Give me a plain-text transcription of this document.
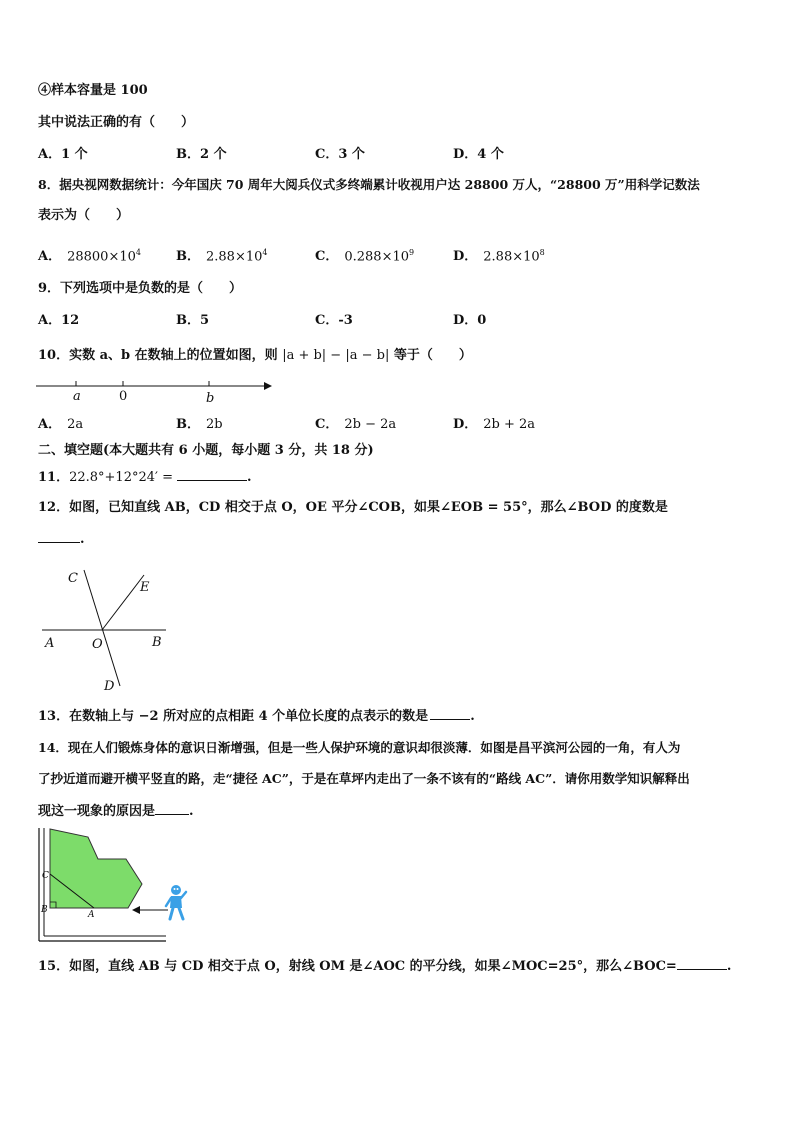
④样本容量是 100
其中说法正确的有（　　）
A．1 个	B．2 个	C．3 个	D．4 个
8．据央视网数据统计：今年国庆 70 周年大阅兵仪式多终端累计收视用户达 28800 万人，“28800 万”用科学记数法
表示为（　　）
A． $28800\times 10^4$	B． $2.88\times 10^4$	C． $0.288\times 10^9$	D． $2.88\times 10^8$
9．下列选项中是负数的是（　　）
A．12	B．5	C．-3	D．0
10．实数 a、b 在数轴上的位置如图，则 |a + b| − |a − b| 等于（　　）
a	0	b
A． 2a	B． 2b	C． 2b − 2a	D． 2b + 2a
二、填空题(本大题共有 6 小题，每小题 3 分，共 18 分)
11．22.8°+12°24′ =	.
12．如图，已知直线 AB，CD 相交于点 O，OE 平分∠COB，如果∠EOB = 55°，那么∠BOD 的度数是
.
C
E
A	O	B
D
13．在数轴上与 −2 所对应的点相距 4 个单位长度的点表示的数是	.
14．现在人们锻炼身体的意识日渐增强，但是一些人保护环境的意识却很淡薄．如图是昌平滨河公园的一角，有人为
了抄近道而避开横平竖直的路，走“捷径 AC”，于是在草坪内走出了一条不该有的“路线 AC”．请你用数学知识解释出
现这一现象的原因是	.
C
B	A
15．如图，直线 AB 与 CD 相交于点 O，射线 OM 是∠AOC 的平分线，如果∠MOC=25°，那么∠BOC=	.
